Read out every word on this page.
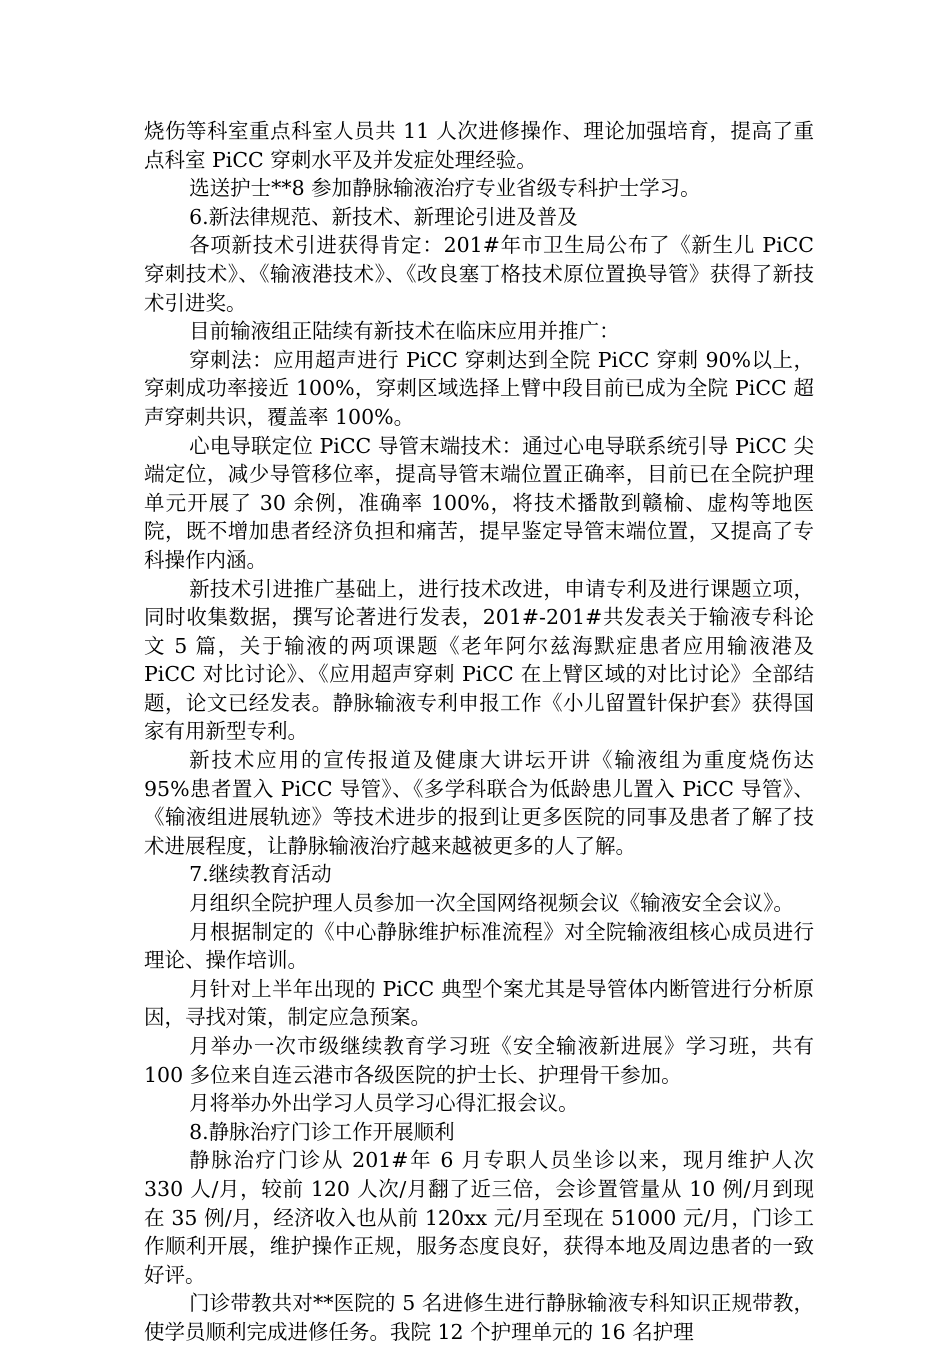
烧伤等科室重点科室人员共 11 人次进修操作、理论加强培育，提高了重点科室 PiCC 穿刺水平及并发症处理经验。

选送护士**8 参加静脉输液治疗专业省级专科护士学习。

6.新法律规范、新技术、新理论引进及普及

各项新技术引进获得肯定：201#年市卫生局公布了《新生儿 PiCC 穿刺技术》、《输液港技术》、《改良塞丁格技术原位置换导管》获得了新技术引进奖。

目前输液组正陆续有新技术在临床应用并推广：

穿刺法：应用超声进行 PiCC 穿刺达到全院 PiCC 穿刺 90%以上，穿刺成功率接近 100%，穿刺区域选择上臂中段目前已成为全院 PiCC 超声穿刺共识，覆盖率 100%。

心电导联定位 PiCC 导管末端技术：通过心电导联系统引导 PiCC 尖端定位，减少导管移位率，提高导管末端位置正确率，目前已在全院护理单元开展了 30 余例，准确率 100%，将技术播散到赣榆、虚构等地医院，既不增加患者经济负担和痛苦，提早鉴定导管末端位置，又提高了专科操作内涵。

新技术引进推广基础上，进行技术改进，申请专利及进行课题立项，同时收集数据，撰写论著进行发表，201#-201#共发表关于输液专科论文 5 篇，关于输液的两项课题《老年阿尔兹海默症患者应用输液港及 PiCC 对比讨论》、《应用超声穿刺 PiCC 在上臂区域的对比讨论》全部结题，论文已经发表。静脉输液专利申报工作《小儿留置针保护套》获得国家有用新型专利。

新技术应用的宣传报道及健康大讲坛开讲《输液组为重度烧伤达 95%患者置入 PiCC 导管》、《多学科联合为低龄患儿置入 PiCC 导管》、《输液组进展轨迹》等技术进步的报到让更多医院的同事及患者了解了技术进展程度，让静脉输液治疗越来越被更多的人了解。

7.继续教育活动

月组织全院护理人员参加一次全国网络视频会议《输液安全会议》。

月根据制定的《中心静脉维护标准流程》对全院输液组核心成员进行理论、操作培训。

月针对上半年出现的 PiCC 典型个案尤其是导管体内断管进行分析原因，寻找对策，制定应急预案。

月举办一次市级继续教育学习班《安全输液新进展》学习班，共有 100 多位来自连云港市各级医院的护士长、护理骨干参加。

月将举办外出学习人员学习心得汇报会议。

8.静脉治疗门诊工作开展顺利

静脉治疗门诊从 201#年 6 月专职人员坐诊以来，现月维护人次 330 人/月，较前 120 人次/月翻了近三倍，会诊置管量从 10 例/月到现在 35 例/月，经济收入也从前 120xx 元/月至现在 51000 元/月，门诊工作顺利开展，维护操作正规，服务态度良好，获得本地及周边患者的一致好评。

门诊带教共对**医院的 5 名进修生进行静脉输液专科知识正规带教，使学员顺利完成进修任务。我院 12 个护理单元的 16 名护理
